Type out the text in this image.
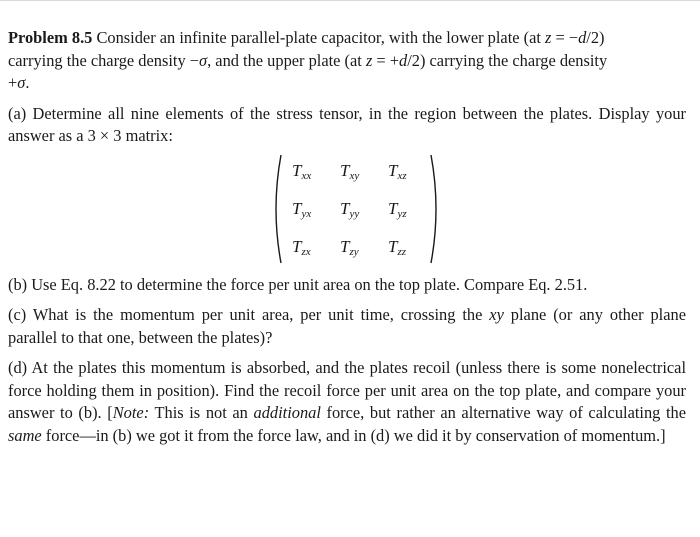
Problem 8.5 Consider an infinite parallel-plate capacitor, with the lower plate (at z = −d/2)
carrying the charge density −σ, and the upper plate (at z = +d/2) carrying the charge density
+σ.

(a) Determine all nine elements of the stress tensor, in the region between the plates. Display your answer as a 3 × 3 matrix:

$T_{xx}$ $T_{xy}$ $T_{xz}$
$T_{yx}$ $T_{yy}$ $T_{yz}$
$T_{zx}$ $T_{zy}$ $T_{zz}$

(b) Use Eq. 8.22 to determine the force per unit area on the top plate. Compare Eq. 2.51.

(c) What is the momentum per unit area, per unit time, crossing the xy plane (or any other plane parallel to that one, between the plates)?

(d) At the plates this momentum is absorbed, and the plates recoil (unless there is some nonelectrical force holding them in position). Find the recoil force per unit area on the top plate, and compare your answer to (b). [Note: This is not an additional force, but rather an alternative way of calculating the same force—in (b) we got it from the force law, and in (d) we did it by conservation of momentum.]
